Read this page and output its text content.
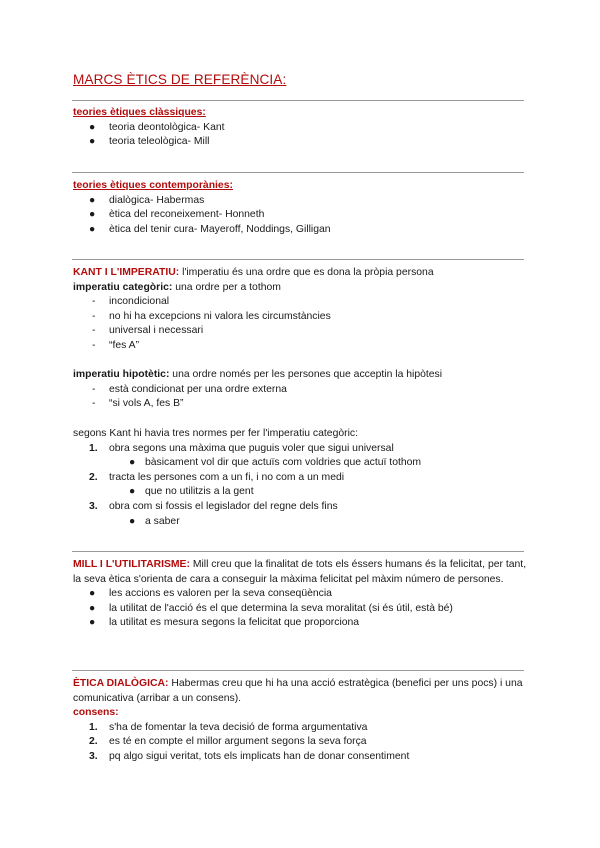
MARCS ÈTICS DE REFERÈNCIA:
teories ètiques clàssiques:
● teoria deontològica- Kant
● teoria teleològica- Mill
teories ètiques contemporànies:
● dialògica- Habermas
● ètica del reconeixement- Honneth
● ètica del tenir cura- Mayeroff, Noddings, Gilligan
KANT I L'IMPERATIU: l'imperatiu és una ordre que es dona la pròpia persona
imperatiu categòric: una ordre per a tothom
- incondicional
- no hi ha excepcions ni valora les circumstàncies
- universal i necessari
- “fes A”
imperatiu hipotètic: una ordre només per les persones que acceptin la hipòtesi
- està condicionat per una ordre externa
- “si vols A, fes B”
segons Kant hi havia tres normes per fer l'imperatiu categòric:
1. obra segons una màxima que puguis voler que sigui universal
● bàsicament vol dir que actuïs com voldries que actuï tothom
2. tracta les persones com a un fi, i no com a un medi
● que no utilitzis a la gent
3. obra com si fossis el legislador del regne dels fins
● a saber
MILL I L'UTILITARISME: Mill creu que la finalitat de tots els éssers humans és la felicitat, per tant, la seva ètica s'orienta de cara a conseguir la màxima felicitat pel màxim número de persones.
● les accions es valoren per la seva conseqüència
● la utilitat de l'acció és el que determina la seva moralitat (si és útil, està bé)
● la utilitat es mesura segons la felicitat que proporciona
ÈTICA DIALÒGICA: Habermas creu que hi ha una acció estratègica (benefici per uns pocs) i una comunicativa (arribar a un consens).
consens:
1. s'ha de fomentar la teva decisió de forma argumentativa
2. es té en compte el millor argument segons la seva força
3. pq algo sigui veritat, tots els implicats han de donar consentiment
